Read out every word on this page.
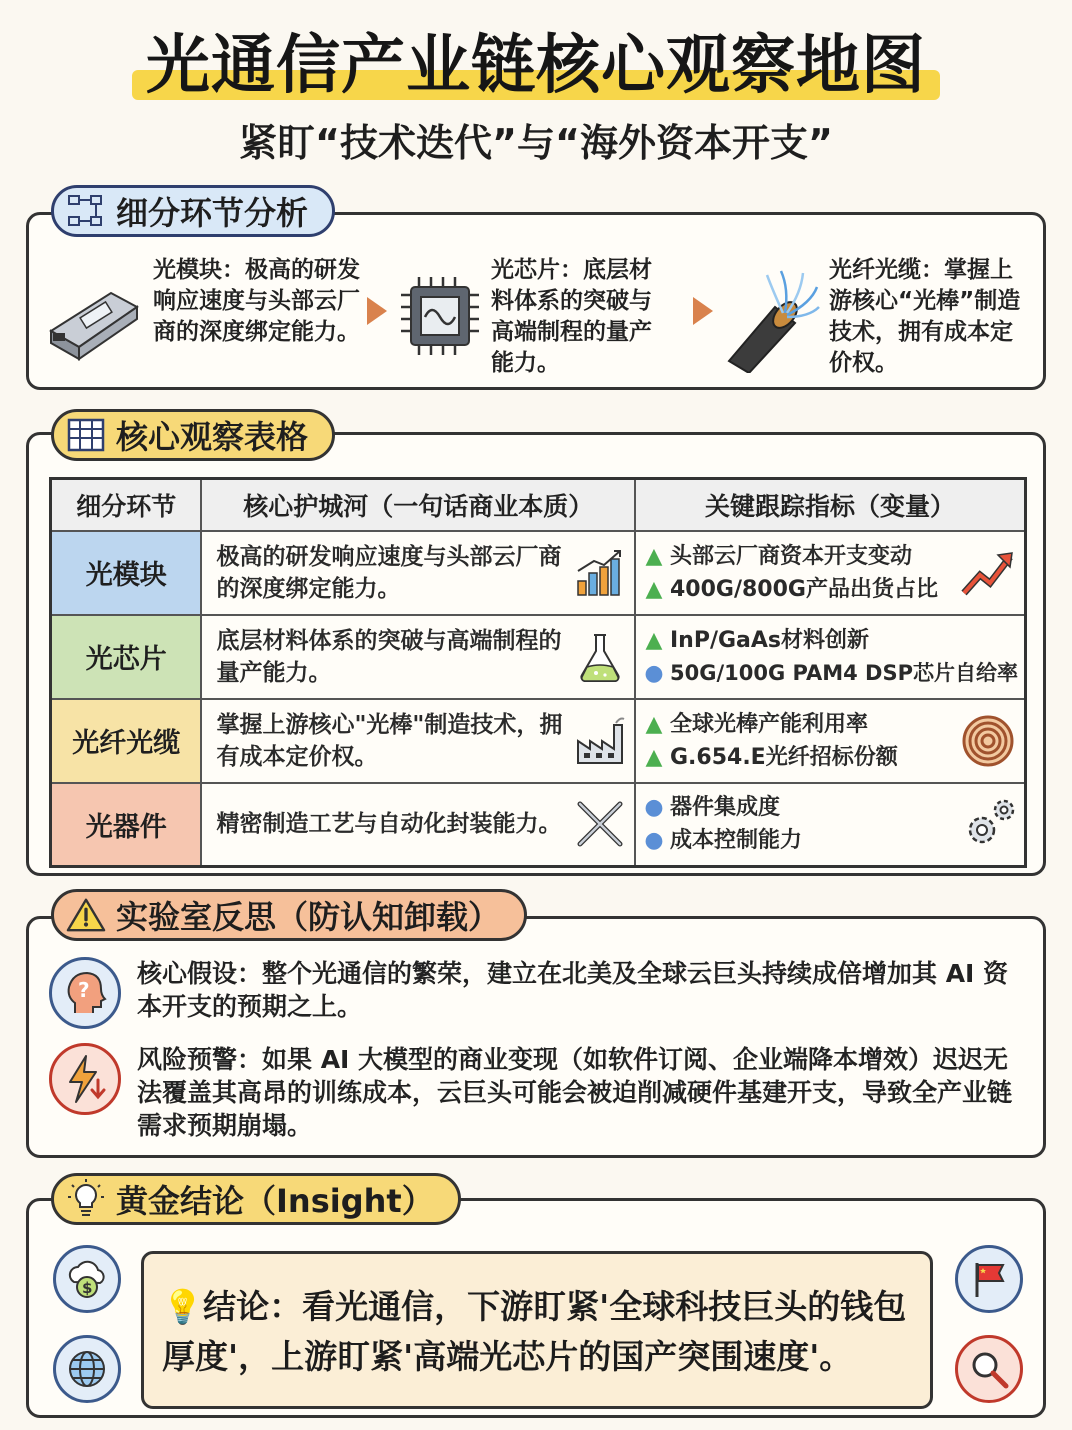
光通信产业链核心观察地图
紧盯“技术迭代”与“海外资本开支”
细分环节分析
光模块：极高的研发响应速度与头部云厂商的深度绑定能力。
光芯片：底层材料体系的突破与高端制程的量产能力。
光纤光缆：掌握上游核心“光棒”制造技术，拥有成本定价权。
核心观察表格
细分环节	核心护城河（一句话商业本质）	关键跟踪指标（变量）
光模块	极高的研发响应速度与头部云厂商的深度绑定能力。	▲ 头部云厂商资本开支变动
▲ 400G/800G产品出货占比

光芯片	底层材料体系的突破与高端制程的量产能力。	▲ InP/GaAs材料创新
● 50G/100G PAM4 DSP芯片自给率

光纤光缆	掌握上游核心"光棒"制造技术，拥有成本定价权。	▲ 全球光棒产能利用率
▲ G.654.E光纤招标份额

光器件	精密制造工艺与自动化封装能力。	● 器件集成度
● 成本控制能力
实验室反思（防认知卸载）
?
核心假设：整个光通信的繁荣，建立在北美及全球云巨头持续成倍增加其 AI 资本开支的预期之上。
风险预警：如果 AI 大模型的商业变现（如软件订阅、企业端降本增效）迟迟无法覆盖其高昂的训练成本，云巨头可能会被迫削减硬件基建开支，导致全产业链需求预期崩塌。
黄金结论（Insight）
$	💡结论：看光通信，下游盯紧'全球科技巨头的钱包厚度'，上游盯紧'高端光芯片的国产突围速度'。
